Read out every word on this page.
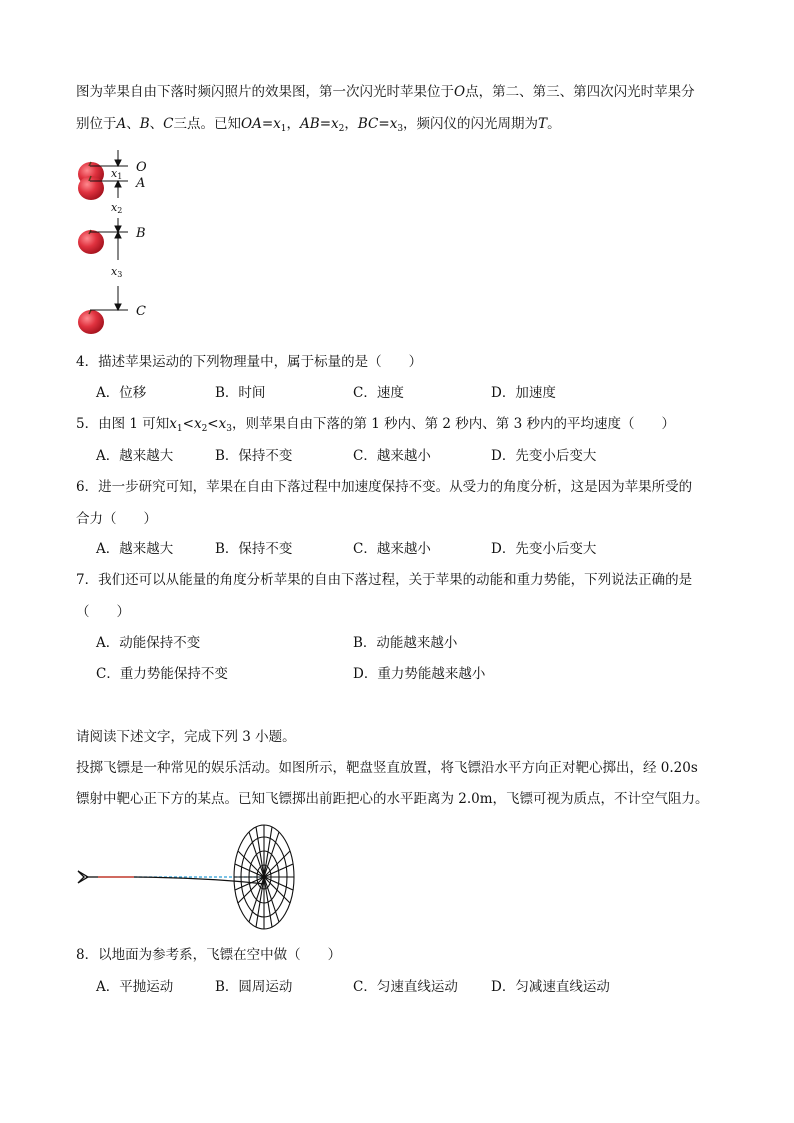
图为苹果自由下落时频闪照片的效果图，第一次闪光时苹果位于O点，第二、第三、第四次闪光时苹果分
别位于A、B、C三点。已知$OA=x_1$，$AB=x_2$，$BC=x_3$，频闪仪的闪光周期为T。
O
A
B
C
x1
x2
x3
4．描述苹果运动的下列物理量中，属于标量的是（　　）
A．位移	B．时间	C．速度	D．加速度
5．由图 1 可知$x_1<x_2<x_3$，则苹果自由下落的第 1 秒内、第 2 秒内、第 3 秒内的平均速度（　　）
A．越来越大	B．保持不变	C．越来越小	D．先变小后变大
6．进一步研究可知，苹果在自由下落过程中加速度保持不变。从受力的角度分析，这是因为苹果所受的
合力（　　）
A．越来越大	B．保持不变	C．越来越小	D．先变小后变大
7．我们还可以从能量的角度分析苹果的自由下落过程，关于苹果的动能和重力势能，下列说法正确的是
（　　）
A．动能保持不变	B．动能越来越小
C．重力势能保持不变	D．重力势能越来越小
请阅读下述文字，完成下列 3 小题。
投掷飞镖是一种常见的娱乐活动。如图所示，靶盘竖直放置，将飞镖沿水平方向正对靶心掷出，经 0.20s
镖射中靶心正下方的某点。已知飞镖掷出前距把心的水平距离为 2.0m，飞镖可视为质点，不计空气阻力。
8．以地面为参考系，飞镖在空中做（　　）
A．平抛运动	B．圆周运动	C．匀速直线运动 D．匀减速直线运动
